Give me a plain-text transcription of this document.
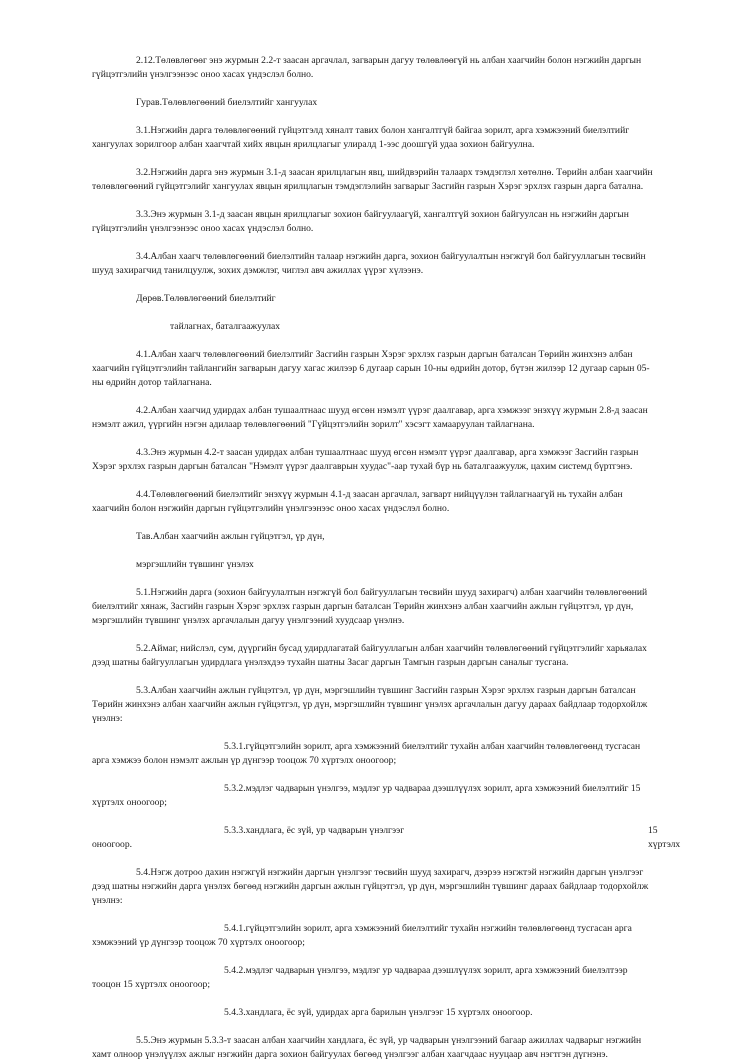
2.12.Төлөвлөгөөг энэ журмын 2.2-т заасан аргачлал, загварын дагуу төлөвлөөгүй нь албан хаагчийн болон нэгжийн даргын гүйцэтгэлийн үнэлгээнээс оноо хасах үндэслэл болно.

Гурав.Төлөвлөгөөний биелэлтийг хангуулах

3.1.Нэгжийн дарга төлөвлөгөөний гүйцэтгэлд хяналт тавих болон хангалтгүй байгаа зорилт, арга хэмжээний биелэлтийг хангуулах зорилгоор албан хаагчтай хийх явцын ярилцлагыг улиралд 1-ээс доошгүй удаа зохион байгуулна.

3.2.Нэгжийн дарга энэ журмын 3.1-д заасан ярилцлагын явц, шийдвэрийн талаарх тэмдэглэл хөтөлнө. Төрийн албан хаагчийн төлөвлөгөөний гүйцэтгэлийг хангуулах явцын ярилцлагын тэмдэглэлийн загварыг Засгийн газрын Хэрэг эрхлэх газрын дарга батална.

3.3.Энэ журмын 3.1-д заасан явцын ярилцлагыг зохион байгуулаагүй, хангалтгүй зохион байгуулсан нь нэгжийн даргын гүйцэтгэлийн үнэлгээнээс оноо хасах үндэслэл болно.

3.4.Албан хаагч төлөвлөгөөний биелэлтийн талаар нэгжийн дарга, зохион байгуулалтын нэгжгүй бол байгууллагын төсвийн шууд захирагчид танилцуулж, зохих дэмжлэг, чиглэл авч ажиллах үүрэг хүлээнэ.

Дөрөв.Төлөвлөгөөний биелэлтийг

тайлагнах, баталгаажуулах

4.1.Албан хаагч төлөвлөгөөний биелэлтийг Засгийн газрын Хэрэг эрхлэх газрын даргын баталсан Төрийн жинхэнэ албан хаагчийн гүйцэтгэлийн тайлангийн загварын дагуу хагас жилээр 6 дугаар сарын 10-ны өдрийн дотор, бүтэн жилээр 12 дугаар сарын 05-ны өдрийн дотор тайлагнана.

4.2.Албан хаагчид удирдах албан тушаалтнаас шууд өгсөн нэмэлт үүрэг даалгавар, арга хэмжээг энэхүү журмын 2.8-д заасан нэмэлт ажил, үүргийн нэгэн адилаар төлөвлөгөөний "Гүйцэтгэлийн зорилт" хэсэгт хамааруулан тайлагнана.

4.3.Энэ журмын 4.2-т заасан удирдах албан тушаалтнаас шууд өгсөн нэмэлт үүрэг даалгавар, арга хэмжээг Засгийн газрын Хэрэг эрхлэх газрын даргын баталсан "Нэмэлт үүрэг даалгаврын хуудас"-аар тухай бүр нь баталгаажуулж, цахим системд бүртгэнэ.

4.4.Төлөвлөгөөний биелэлтийг энэхүү журмын 4.1-д заасан аргачлал, загварт нийцүүлэн тайлагнаагүй нь тухайн албан хаагчийн болон нэгжийн даргын гүйцэтгэлийн үнэлгээнээс оноо хасах үндэслэл болно.

Тав.Албан хаагчийн ажлын гүйцэтгэл, үр дүн,

мэргэшлийн түвшинг үнэлэх

5.1.Нэгжийн дарга (зохион байгуулалтын нэгжгүй бол байгууллагын төсвийн шууд захирагч) албан хаагчийн төлөвлөгөөний биелэлтийг хянаж, Засгийн газрын Хэрэг эрхлэх газрын даргын баталсан Төрийн жинхэнэ албан хаагчийн ажлын гүйцэтгэл, үр дүн, мэргэшлийн түвшинг үнэлэх аргачлалын дагуу үнэлгээний хуудсаар үнэлнэ.

5.2.Аймаг, нийслэл, сум, дүүргийн бусад удирдлагатай байгууллагын албан хаагчийн төлөвлөгөөний гүйцэтгэлийг харьяалах дээд шатны байгууллагын удирдлага үнэлэхдээ тухайн шатны Засаг даргын Тамгын газрын даргын саналыг тусгана.

5.3.Албан хаагчийн ажлын гүйцэтгэл, үр дүн, мэргэшлийн түвшинг Засгийн газрын Хэрэг эрхлэх газрын даргын баталсан Төрийн жинхэнэ албан хаагчийн ажлын гүйцэтгэл, үр дүн, мэргэшлийн түвшинг үнэлэх аргачлалын дагуу дараах байдлаар тодорхойлж үнэлнэ:

5.3.1.гүйцэтгэлийн зорилт, арга хэмжээний биелэлтийг тухайн албан хаагчийн төлөвлөгөөнд тусгасан арга хэмжээ болон нэмэлт ажлын үр дүнгээр тооцож 70 хүртэлх оноогоор;

5.3.2.мэдлэг чадварын үнэлгээ, мэдлэг ур чадвараа дээшлүүлэх зорилт, арга хэмжээний биелэлтийг 15 хүртэлх оноогоор;

5.3.3.хандлага, ёс зүй, ур чадварын үнэлгээг	15 хүртэлх

оноогоор.

5.4.Нэгж дотроо дахин нэгжгүй нэгжийн даргын үнэлгээг төсвийн шууд захирагч, дээрээ нэгжтэй нэгжийн даргын үнэлгээг дээд шатны нэгжийн дарга үнэлэх бөгөөд нэгжийн даргын ажлын гүйцэтгэл, үр дүн, мэргэшлийн түвшинг дараах байдлаар тодорхойлж үнэлнэ:

5.4.1.гүйцэтгэлийн зорилт, арга хэмжээний биелэлтийг тухайн нэгжийн төлөвлөгөөнд тусгасан арга хэмжээний үр дүнгээр тооцож 70 хүртэлх оноогоор;

5.4.2.мэдлэг чадварын үнэлгээ, мэдлэг ур чадвараа дээшлүүлэх зорилт, арга хэмжээний биелэлтээр тооцон 15 хүртэлх оноогоор;

5.4.3.хандлага, ёс зүй, удирдах арга барилын үнэлгээг 15 хүртэлх оноогоор.

5.5.Энэ журмын 5.3.3-т заасан албан хаагчийн хандлага, ёс зүй, ур чадварын үнэлгээний багаар ажиллах чадварыг нэгжийн хамт олноор үнэлүүлэх ажлыг нэгжийн дарга зохион байгуулах бөгөөд үнэлгээг албан хаагчдаас нууцаар авч нэгтгэн дүгнэнэ.
